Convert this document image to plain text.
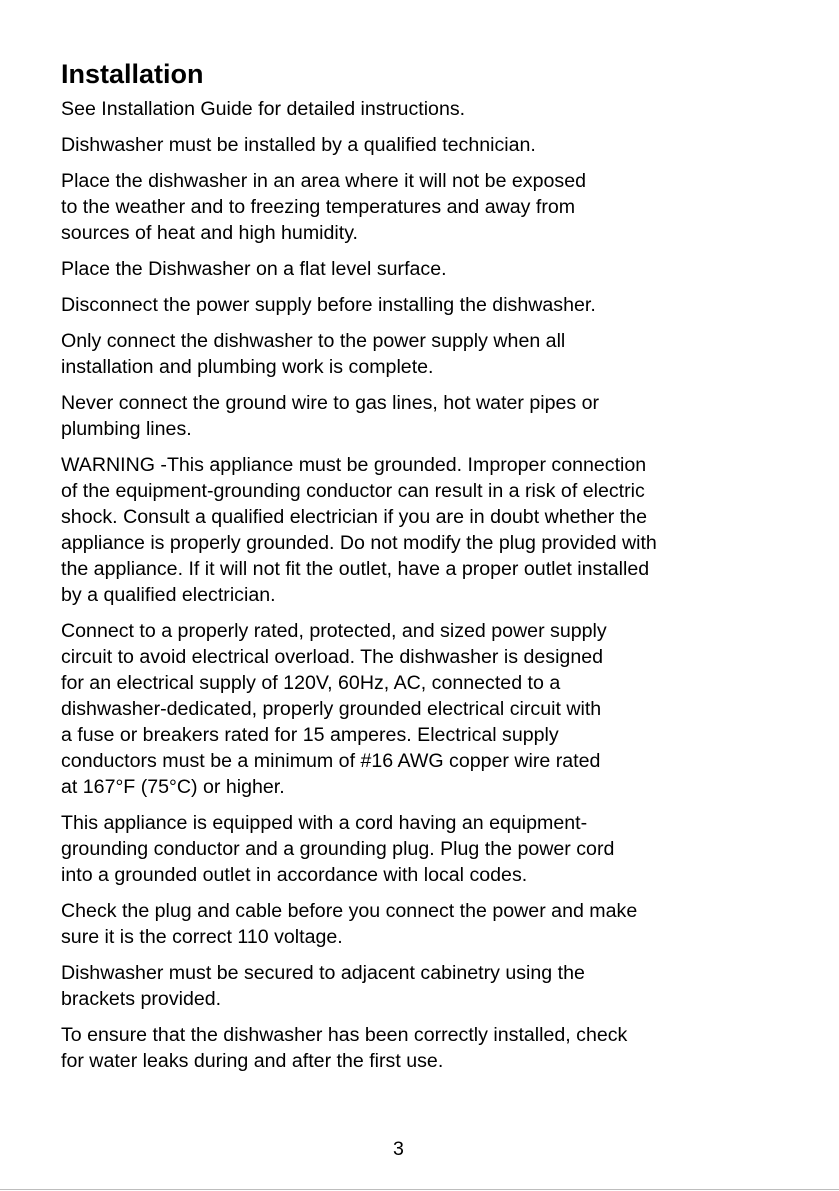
Installation

See Installation Guide for detailed instructions.

Dishwasher must be installed by a qualified technician.

Place the dishwasher in an area where it will not be exposed
to the weather and to freezing temperatures and away from
sources of heat and high humidity.

Place the Dishwasher on a flat level surface.

Disconnect the power supply before installing the dishwasher.

Only connect the dishwasher to the power supply when all
installation and plumbing work is complete.

Never connect the ground wire to gas lines, hot water pipes or
plumbing lines.

WARNING -This appliance must be grounded. Improper connection
of the equipment-grounding conductor can result in a risk of electric
shock. Consult a qualified electrician if you are in doubt whether the
appliance is properly grounded. Do not modify the plug provided with
the appliance. If it will not fit the outlet, have a proper outlet installed
by a qualified electrician.

Connect to a properly rated, protected, and sized power supply
circuit to avoid electrical overload. The dishwasher is designed
for an electrical supply of 120V, 60Hz, AC, connected to a
dishwasher-dedicated, properly grounded electrical circuit with
a fuse or breakers rated for 15 amperes. Electrical supply
conductors must be a minimum of #16 AWG copper wire rated
at 167°F (75°C) or higher.

This appliance is equipped with a cord having an equipment-
grounding conductor and a grounding plug. Plug the power cord
into a grounded outlet in accordance with local codes.

Check the plug and cable before you connect the power and make
sure it is the correct 110 voltage.

Dishwasher must be secured to adjacent cabinetry using the
brackets provided.

To ensure that the dishwasher has been correctly installed, check
for water leaks during and after the first use.

3
